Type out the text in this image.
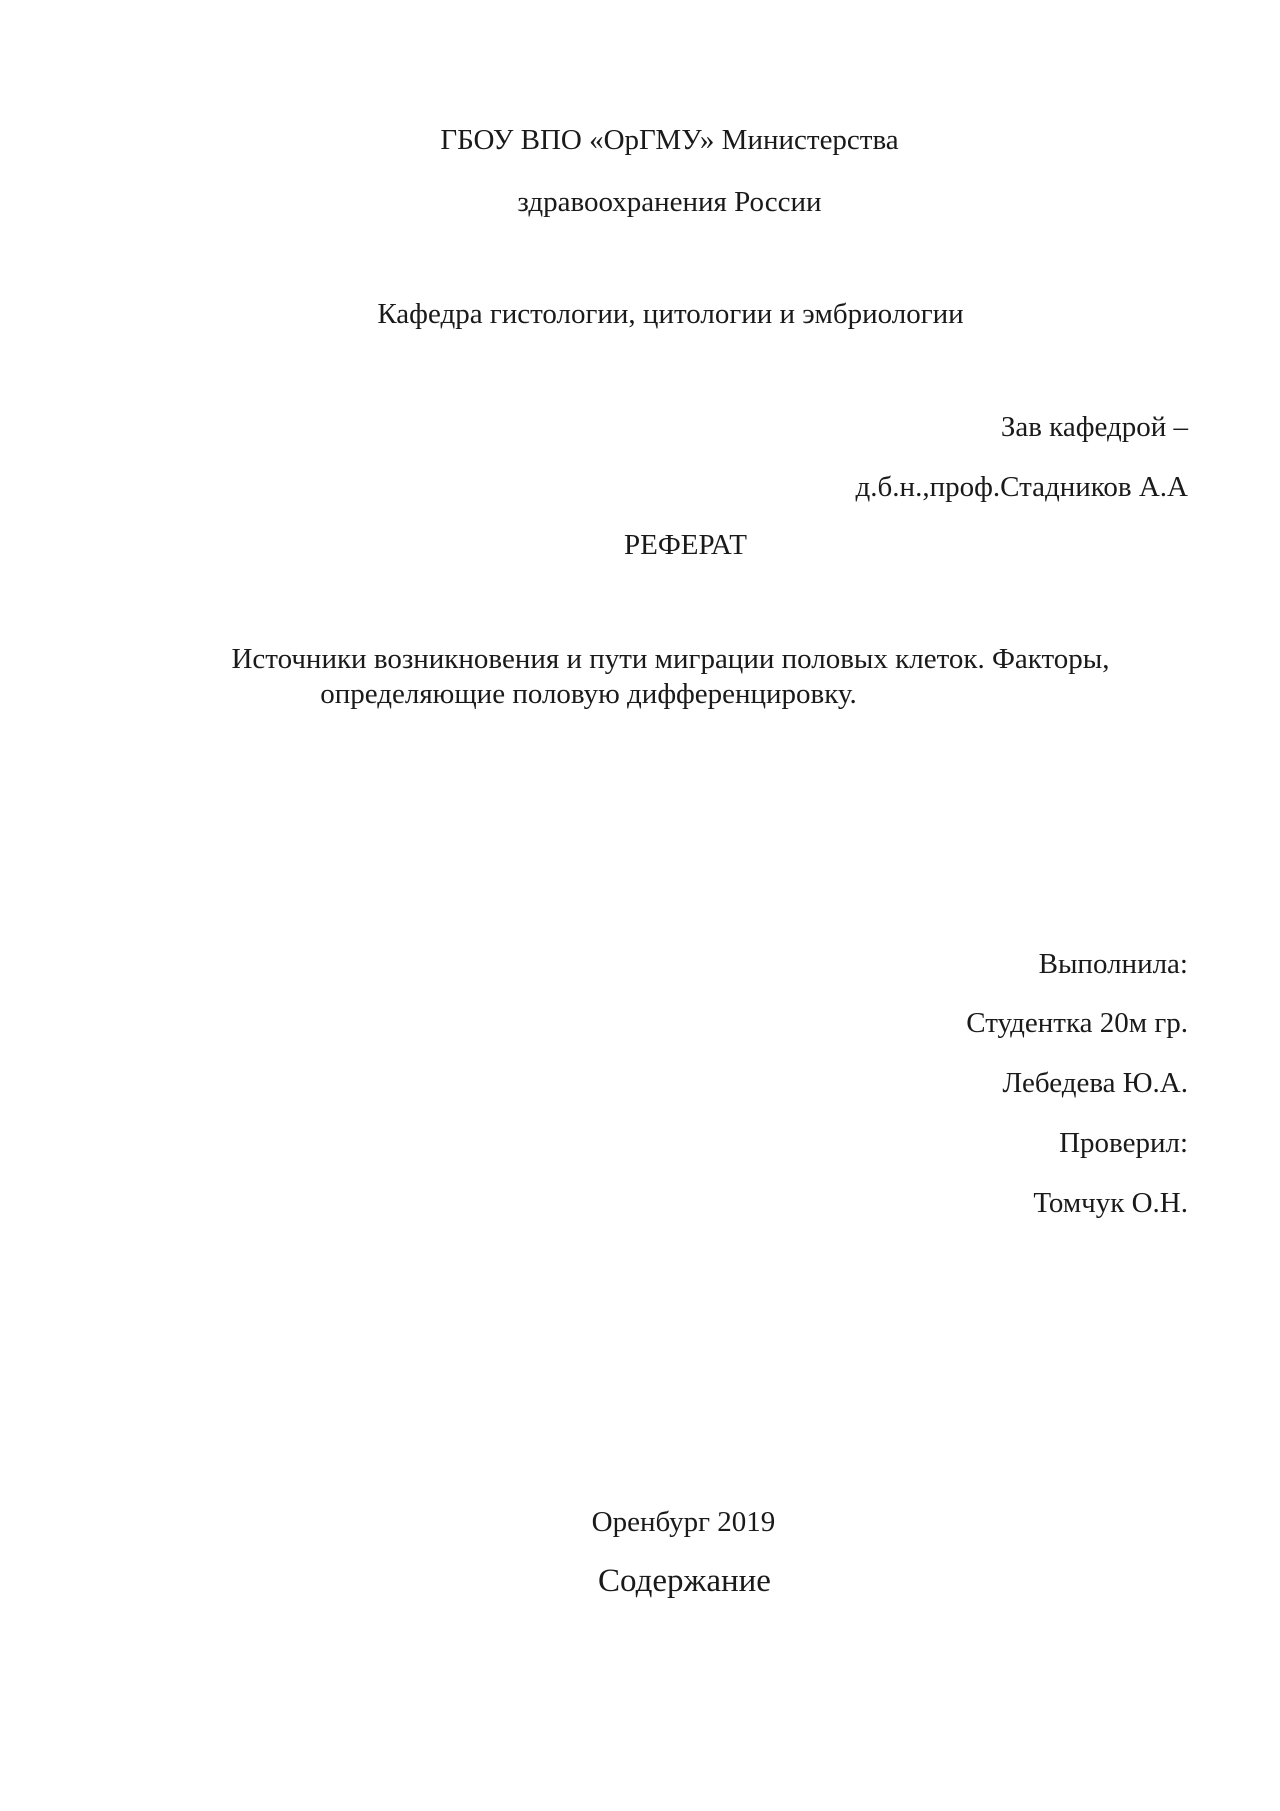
ГБОУ ВПО «ОрГМУ» Министерства
здравоохранения России
Кафедра гистологии, цитологии и эмбриологии
Зав кафедрой –
д.б.н.,проф.Стадников А.А
РЕФЕРАТ
Источники возникновения и пути миграции половых клеток. Факторы,
определяющие половую дифференцировку.
Выполнила:
Студентка 20м гр.
Лебедева Ю.А.
Проверил:
Томчук О.Н.
Оренбург 2019
Содержание
